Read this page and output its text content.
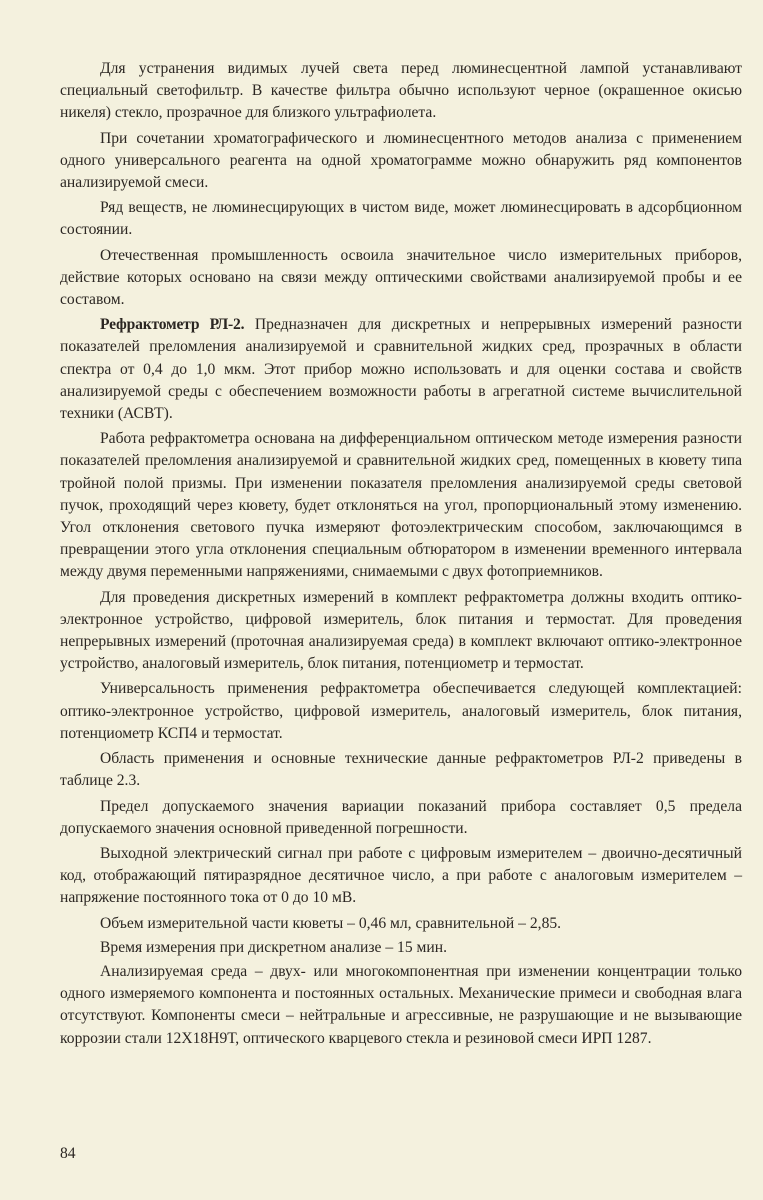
Для устранения видимых лучей света перед люминесцентной лампой устанавливают специальный светофильтр. В качестве фильтра обычно используют черное (окрашенное окисью никеля) стекло, прозрачное для близкого ультрафиолета.

При сочетании хроматографического и люминесцентного методов анализа с применением одного универсального реагента на одной хроматограмме можно обнаружить ряд компонентов анализируемой смеси.

Ряд веществ, не люминесцирующих в чистом виде, может люминесцировать в адсорбционном состоянии.

Отечественная промышленность освоила значительное число измерительных приборов, действие которых основано на связи между оптическими свойствами анализируемой пробы и ее составом.

Рефрактометр РЛ-2. Предназначен для дискретных и непрерывных измерений разности показателей преломления анализируемой и сравнительной жидких сред, прозрачных в области спектра от 0,4 до 1,0 мкм. Этот прибор можно использовать и для оценки состава и свойств анализируемой среды с обеспечением возможности работы в агрегатной системе вычислительной техники (АСВТ).

Работа рефрактометра основана на дифференциальном оптическом методе измерения разности показателей преломления анализируемой и сравнительной жидких сред, помещенных в кювету типа тройной полой призмы. При изменении показателя преломления анализируемой среды световой пучок, проходящий через кювету, будет отклоняться на угол, пропорциональный этому изменению. Угол отклонения светового пучка измеряют фотоэлектрическим способом, заключающимся в превращении этого угла отклонения специальным обтюратором в изменении временного интервала между двумя переменными напряжениями, снимаемыми с двух фотоприемников.

Для проведения дискретных измерений в комплект рефрактометра должны входить оптико-электронное устройство, цифровой измеритель, блок питания и термостат. Для проведения непрерывных измерений (проточная анализируемая среда) в комплект включают оптико-электронное устройство, аналоговый измеритель, блок питания, потенциометр и термостат.

Универсальность применения рефрактометра обеспечивается следующей комплектацией: оптико-электронное устройство, цифровой измеритель, аналоговый измеритель, блок питания, потенциометр КСП4 и термостат.

Область применения и основные технические данные рефрактометров РЛ-2 приведены в таблице 2.3.

Предел допускаемого значения вариации показаний прибора составляет 0,5 предела допускаемого значения основной приведенной погрешности.

Выходной электрический сигнал при работе с цифровым измерителем – двоично-десятичный код, отображающий пятиразрядное десятичное число, а при работе с аналоговым измерителем – напряжение постоянного тока от 0 до 10 мВ.

Объем измерительной части кюветы – 0,46 мл, сравнительной – 2,85.

Время измерения при дискретном анализе – 15 мин.

Анализируемая среда – двух- или многокомпонентная при изменении концентрации только одного измеряемого компонента и постоянных остальных. Механические примеси и свободная влага отсутствуют. Компоненты смеси – нейтральные и агрессивные, не разрушающие и не вызывающие коррозии стали 12Х18Н9Т, оптического кварцевого стекла и резиновой смеси ИРП 1287.

84
